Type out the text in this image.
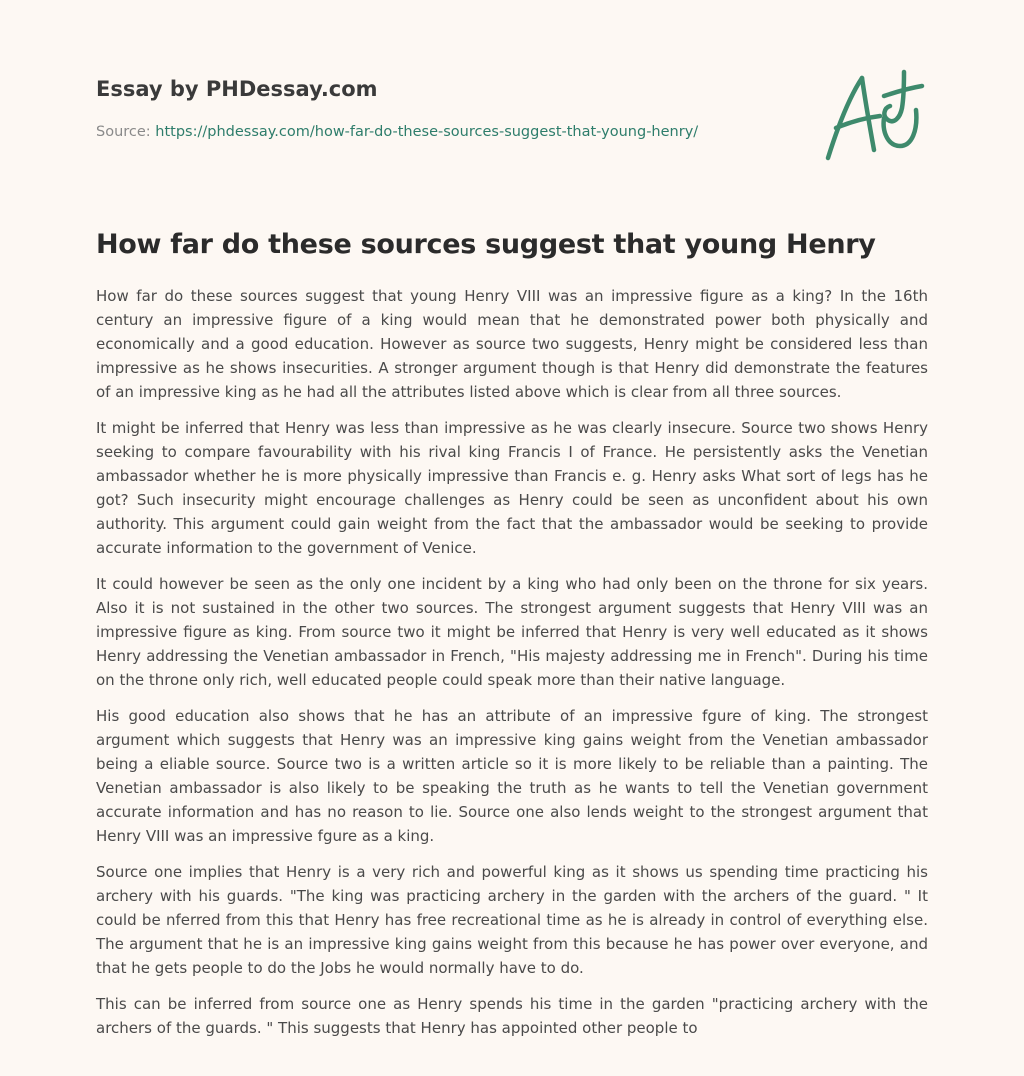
Essay by PHDessay.com
Source: https://phdessay.com/how-far-do-these-sources-suggest-that-young-henry/
How far do these sources suggest that young Henry

How far do these sources suggest that young Henry VIII was an impressive figure as a king? In the 16th century an impressive figure of a king would mean that he demonstrated power both physically and economically and a good education. However as source two suggests, Henry might be considered less than impressive as he shows insecurities. A stronger argument though is that Henry did demonstrate the features of an impressive king as he had all the attributes listed above which is clear from all three sources.

It might be inferred that Henry was less than impressive as he was clearly insecure. Source two shows Henry seeking to compare favourability with his rival king Francis I of France. He persistently asks the Venetian ambassador whether he is more physically impressive than Francis e. g. Henry asks What sort of legs has he got? Such insecurity might encourage challenges as Henry could be seen as unconfident about his own authority. This argument could gain weight from the fact that the ambassador would be seeking to provide accurate information to the government of Venice.

It could however be seen as the only one incident by a king who had only been on the throne for six years. Also it is not sustained in the other two sources. The strongest argument suggests that Henry VIII was an impressive figure as king. From source two it might be inferred that Henry is very well educated as it shows Henry addressing the Venetian ambassador in French, "His majesty addressing me in French". During his time on the throne only rich, well educated people could speak more than their native language.

His good education also shows that he has an attribute of an impressive fgure of king. The strongest argument which suggests that Henry was an impressive king gains weight from the Venetian ambassador being a eliable source. Source two is a written article so it is more likely to be reliable than a painting. The Venetian ambassador is also likely to be speaking the truth as he wants to tell the Venetian government accurate information and has no reason to lie. Source one also lends weight to the strongest argument that Henry VIII was an impressive fgure as a king.

Source one implies that Henry is a very rich and powerful king as it shows us spending time practicing his archery with his guards. "The king was practicing archery in the garden with the archers of the guard. " It could be nferred from this that Henry has free recreational time as he is already in control of everything else. The argument that he is an impressive king gains weight from this because he has power over everyone, and that he gets people to do the Jobs he would normally have to do.

This can be inferred from source one as Henry spends his time in the garden "practicing archery with the archers of the guards. " This suggests that Henry has appointed other people to
